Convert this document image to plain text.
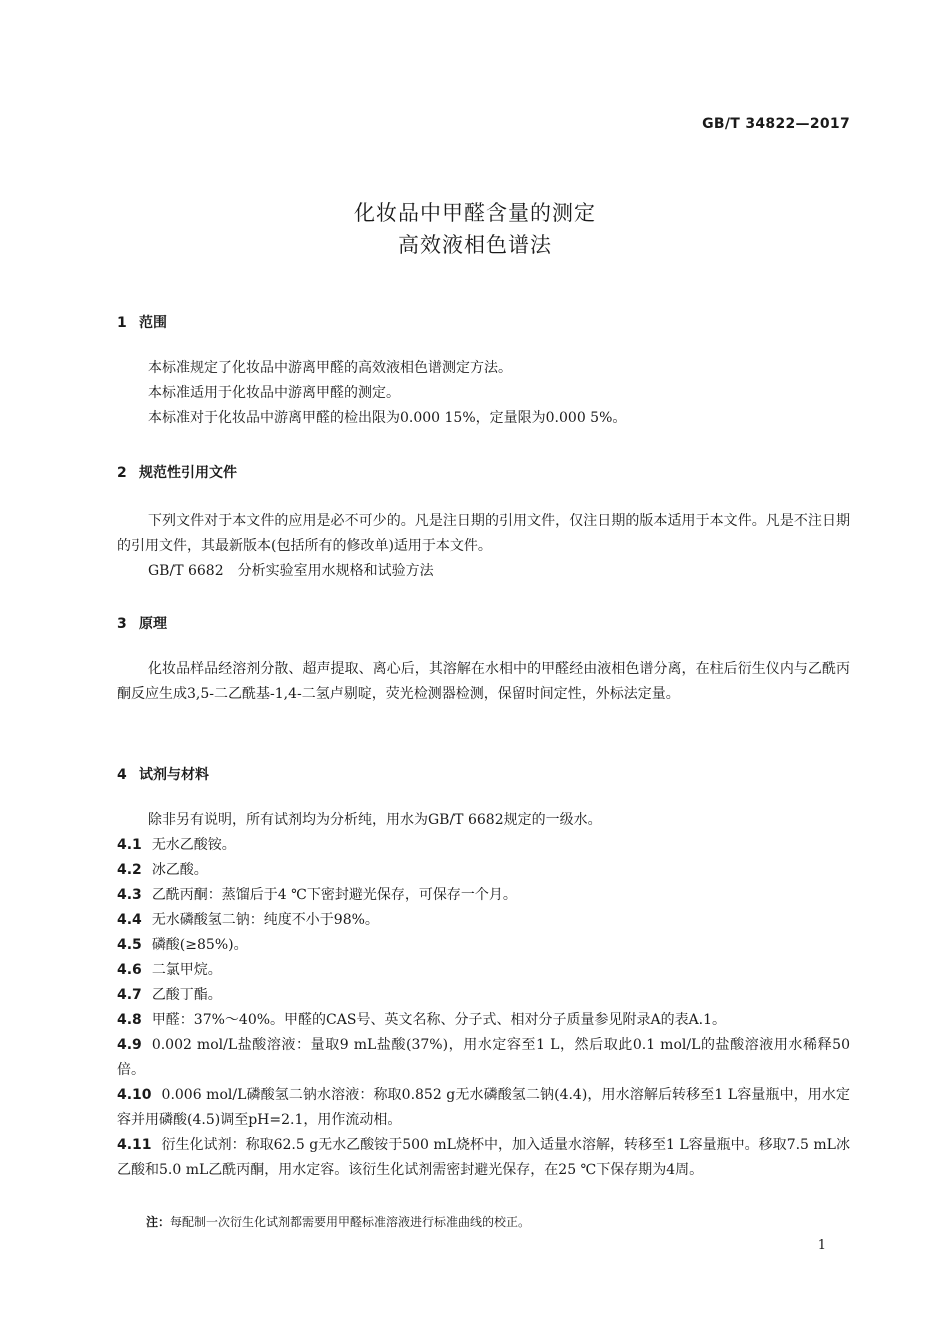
GB/T 34822—2017
化妆品中甲醛含量的测定
高效液相色谱法
1 范围
本标准规定了化妆品中游离甲醛的高效液相色谱测定方法。
本标准适用于化妆品中游离甲醛的测定。
本标准对于化妆品中游离甲醛的检出限为0.000 15%，定量限为0.000 5%。
2 规范性引用文件
下列文件对于本文件的应用是必不可少的。凡是注日期的引用文件，仅注日期的版本适用于本文件。凡是不注日期的引用文件，其最新版本(包括所有的修改单)适用于本文件。
GB/T 6682　分析实验室用水规格和试验方法
3 原理
化妆品样品经溶剂分散、超声提取、离心后，其溶解在水相中的甲醛经由液相色谱分离，在柱后衍生仪内与乙酰丙酮反应生成3,5-二乙酰基-1,4-二氢卢剔啶，荧光检测器检测，保留时间定性，外标法定量。
4 试剂与材料
除非另有说明，所有试剂均为分析纯，用水为GB/T 6682规定的一级水。
4.1 无水乙酸铵。
4.2 冰乙酸。
4.3 乙酰丙酮：蒸馏后于4 ℃下密封避光保存，可保存一个月。
4.4 无水磷酸氢二钠：纯度不小于98%。
4.5 磷酸(≥85%)。
4.6 二氯甲烷。
4.7 乙酸丁酯。
4.8 甲醛：37%～40%。甲醛的CAS号、英文名称、分子式、相对分子质量参见附录A的表A.1。
4.9 0.002 mol/L盐酸溶液：量取9 mL盐酸(37%)，用水定容至1 L，然后取此0.1 mol/L的盐酸溶液用水稀释50倍。
4.10 0.006 mol/L磷酸氢二钠水溶液：称取0.852 g无水磷酸氢二钠(4.4)，用水溶解后转移至1 L容量瓶中，用水定容并用磷酸(4.5)调至pH=2.1，用作流动相。
4.11 衍生化试剂：称取62.5 g无水乙酸铵于500 mL烧杯中，加入适量水溶解，转移至1 L容量瓶中。移取7.5 mL冰乙酸和5.0 mL乙酰丙酮，用水定容。该衍生化试剂需密封避光保存，在25 ℃下保存期为4周。
注：每配制一次衍生化试剂都需要用甲醛标准溶液进行标准曲线的校正。
1
